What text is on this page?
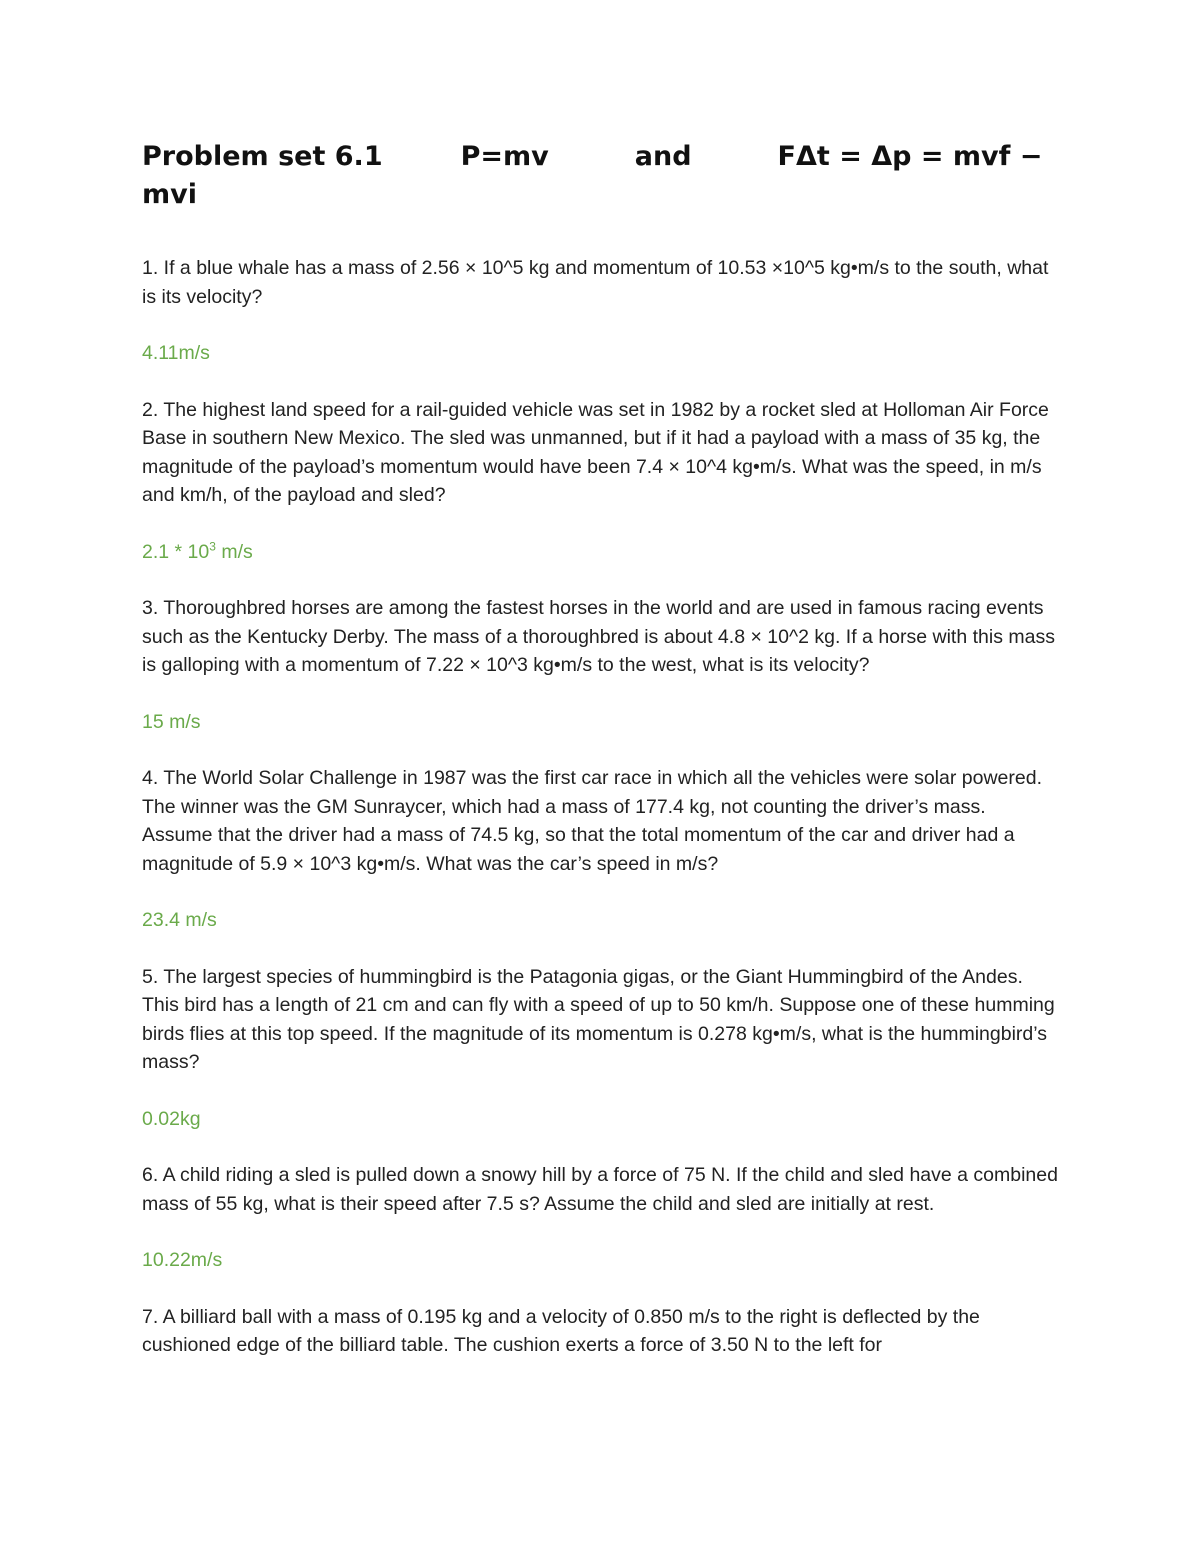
Problem set 6.1	P=mv	and	FΔt = Δp = mvf −
mvi

1. If a blue whale has a mass of 2.56 × 10^5 kg and momentum of 10.53 ×10^5 kg•m/s to the south, what is its velocity?

4.11m/s

2. The highest land speed for a rail-guided vehicle was set in 1982 by a rocket sled at Holloman Air Force Base in southern New Mexico. The sled was unmanned, but if it had a payload with a mass of 35 kg, the magnitude of the payload’s momentum would have been 7.4 × 10^4 kg•m/s. What was the speed, in m/s and km/h, of the payload and sled?

$2.1 * 10^3$ m/s

3. Thoroughbred horses are among the fastest horses in the world and are used in famous racing events such as the Kentucky Derby. The mass of a thoroughbred is about 4.8 × 10^2 kg. If a horse with this mass is galloping with a momentum of 7.22 × 10^3 kg•m/s to the west, what is its velocity?

15 m/s

4. The World Solar Challenge in 1987 was the first car race in which all the vehicles were solar powered. The winner was the GM Sunraycer, which had a mass of 177.4 kg, not counting the driver’s mass. Assume that the driver had a mass of 74.5 kg, so that the total momentum of the car and driver had a magnitude of 5.9 × 10^3 kg•m/s. What was the car’s speed in m/s?

23.4 m/s

5. The largest species of hummingbird is the Patagonia gigas, or the Giant Hummingbird of the Andes. This bird has a length of 21 cm and can fly with a speed of up to 50 km/h. Suppose one of these humming birds flies at this top speed. If the magnitude of its momentum is 0.278 kg•m/s, what is the hummingbird’s mass?

0.02kg

6. A child riding a sled is pulled down a snowy hill by a force of 75 N. If the child and sled have a combined mass of 55 kg, what is their speed after 7.5 s? Assume the child and sled are initially at rest.

10.22m/s

7. A billiard ball with a mass of 0.195 kg and a velocity of 0.850 m/s to the right is deflected by the cushioned edge of the billiard table. The cushion exerts a force of 3.50 N to the left for
